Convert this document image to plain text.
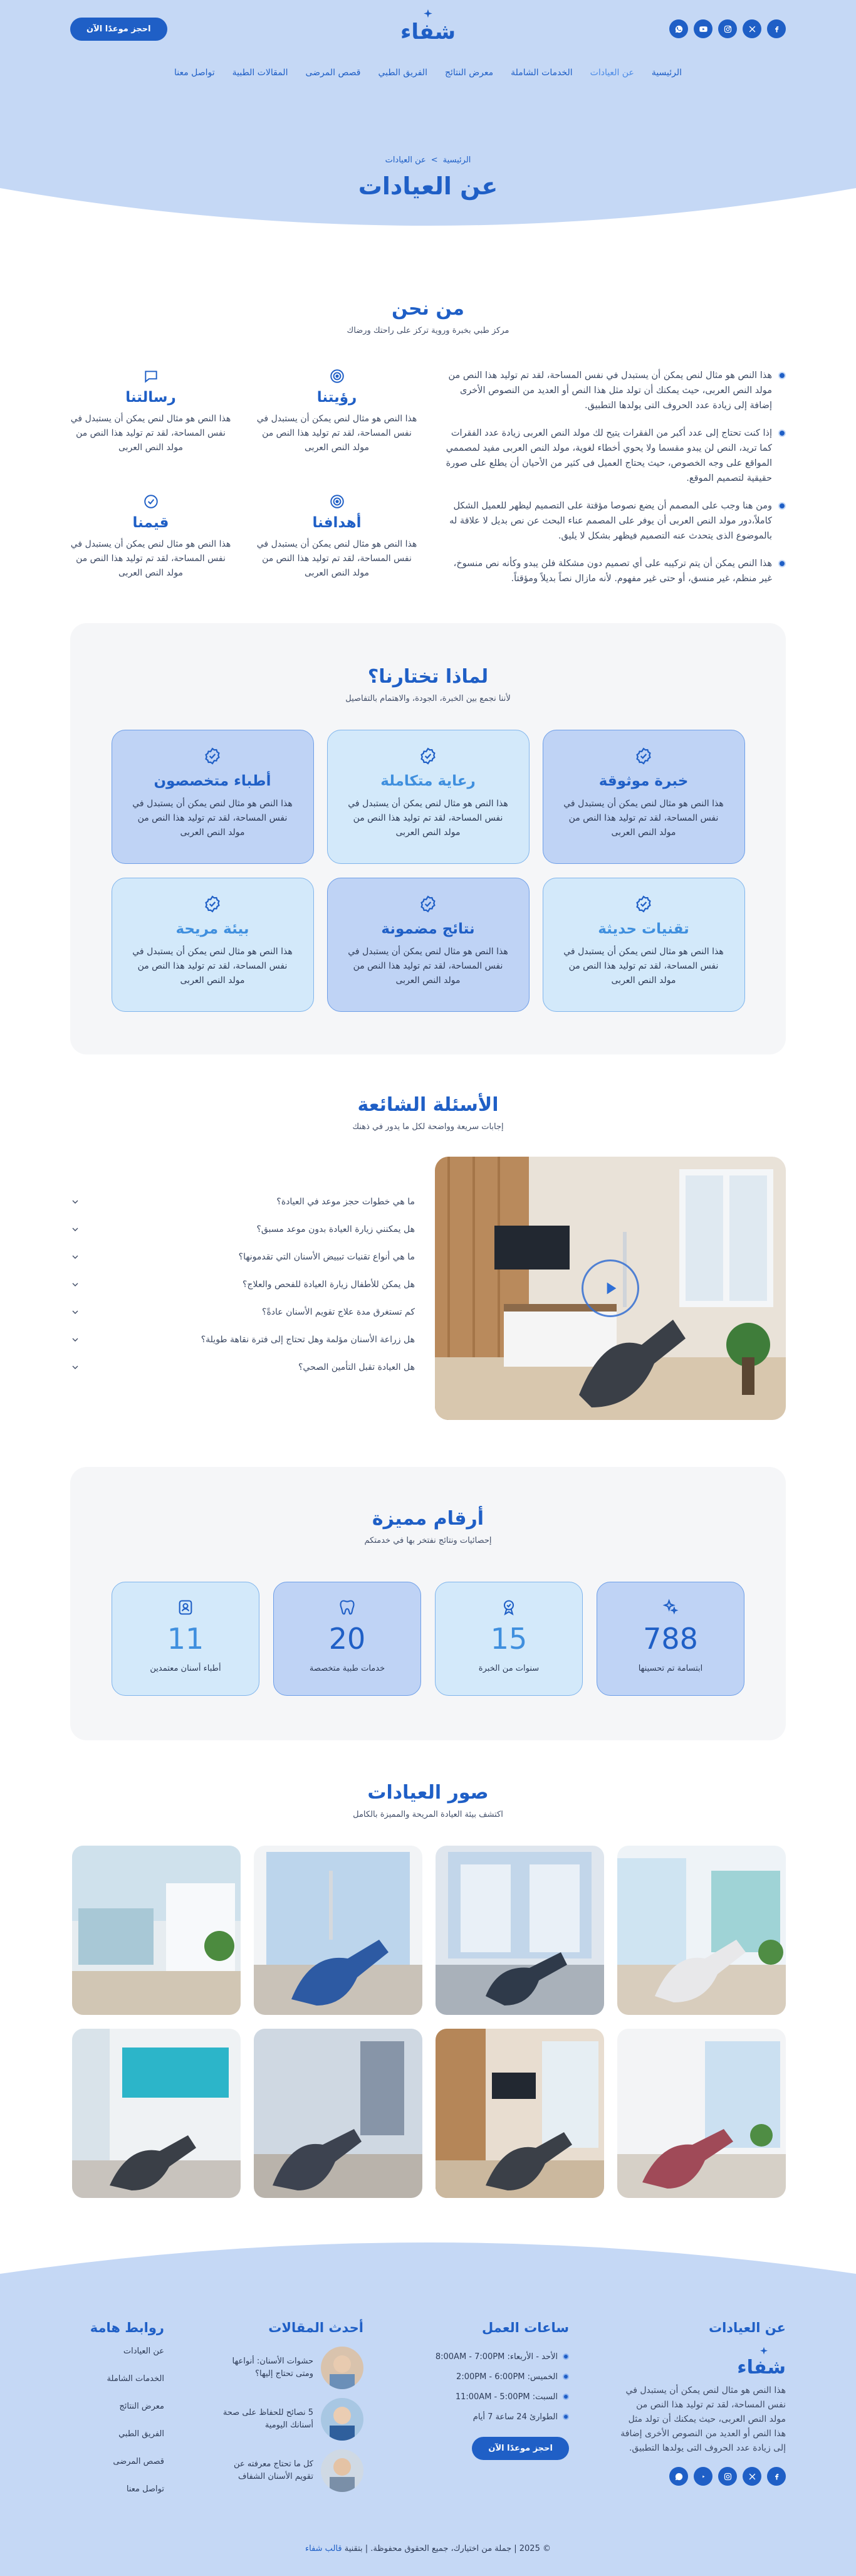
شفاء
احجز موعدًا الآن
الرئيسية
عن العيادات
الخدمات الشاملة
معرض النتائج
الفريق الطبي
قصص المرضى
المقالات الطبية
تواصل معنا
الرئيسية
>
عن العيادات
عن العيادات
من نحن

مركز طبي بخبرة وروية تركز على راحتك ورضاك

هذا النص هو مثال لنص يمكن أن يستبدل في نفس المساحة، لقد تم توليد هذا النص من مولد النص العربى، حيث يمكنك أن تولد مثل هذا النص أو العديد من النصوص الأخرى إضافة إلى زيادة عدد الحروف التى يولدها التطبيق.

إذا كنت تحتاج إلى عدد أكبر من الفقرات يتيح لك مولد النص العربى زيادة عدد الفقرات كما تريد، النص لن يبدو مقسما ولا يحوي أخطاء لغوية، مولد النص العربى مفيد لمصممي المواقع على وجه الخصوص، حيث يحتاج العميل فى كثير من الأحيان أن يطلع على صورة حقيقية لتصميم الموقع.

ومن هنا وجب على المصمم أن يضع نصوصا مؤقتة على التصميم ليظهر للعميل الشكل كاملاً،دور مولد النص العربى أن يوفر على المصمم عناء البحث عن نص بديل لا علاقة له بالموضوع الذى يتحدث عنه التصميم فيظهر بشكل لا يليق.

هذا النص يمكن أن يتم تركيبه على أي تصميم دون مشكلة فلن يبدو وكأنه نص منسوخ، غير منظم، غير منسق، أو حتى غير مفهوم. لأنه مازال نصاً بديلاً ومؤقتاً.

رؤيتنا

هذا النص هو مثال لنص يمكن أن يستبدل في نفس المساحة، لقد تم توليد هذا النص من مولد النص العربى

رسالتنا

هذا النص هو مثال لنص يمكن أن يستبدل في نفس المساحة، لقد تم توليد هذا النص من مولد النص العربى

أهدافنا

هذا النص هو مثال لنص يمكن أن يستبدل في نفس المساحة، لقد تم توليد هذا النص من مولد النص العربى

قيمنا

هذا النص هو مثال لنص يمكن أن يستبدل في نفس المساحة، لقد تم توليد هذا النص من مولد النص العربى

لماذا تختارنا؟

لأننا نجمع بين الخبرة، الجودة، والاهتمام بالتفاصيل

خبرة موثوقة

هذا النص هو مثال لنص يمكن أن يستبدل في نفس المساحة، لقد تم توليد هذا النص من مولد النص العربى

رعاية متكاملة

هذا النص هو مثال لنص يمكن أن يستبدل في نفس المساحة، لقد تم توليد هذا النص من مولد النص العربى

أطباء متخصصون

هذا النص هو مثال لنص يمكن أن يستبدل في نفس المساحة، لقد تم توليد هذا النص من مولد النص العربى

تقنيات حديثة

هذا النص هو مثال لنص يمكن أن يستبدل في نفس المساحة، لقد تم توليد هذا النص من مولد النص العربى

نتائج مضمونة

هذا النص هو مثال لنص يمكن أن يستبدل في نفس المساحة، لقد تم توليد هذا النص من مولد النص العربى

بيئة مريحة

هذا النص هو مثال لنص يمكن أن يستبدل في نفس المساحة، لقد تم توليد هذا النص من مولد النص العربى

الأسئلة الشائعة

إجابات سريعة وواضحة لكل ما يدور في ذهنك

ما هي خطوات حجز موعد في العيادة؟
هل يمكنني زيارة العيادة بدون موعد مسبق؟
ما هي أنواع تقنيات تبييض الأسنان التي تقدمونها؟
هل يمكن للأطفال زيارة العيادة للفحص والعلاج؟
كم تستغرق مدة علاج تقويم الأسنان عادةً؟
هل زراعة الأسنان مؤلمة وهل تحتاج إلى فترة نقاهة طويلة؟
هل العيادة تقبل التأمين الصحي؟
أرقام مميزة

إحصائيات ونتائج نفتخر بها في خدمتكم

788
ابتسامة تم تحسينها
15
سنوات من الخبرة
20
خدمات طبية متخصصة
11
أطباء أسنان معتمدين
صور العيادات

اكتشف بيئة العيادة المريحة والمميزة بالكامل

عن العيادات
شفاء

هذا النص هو مثال لنص يمكن أن يستبدل في نفس المساحة، لقد تم توليد هذا النص من مولد النص العربى، حيث يمكنك أن تولد مثل هذا النص أو العديد من النصوص الأخرى إضافة إلى زيادة عدد الحروف التى يولدها التطبيق.

ساعات العمل
الأحد - الأربعاء: 8:00AM - 7:00PM
الخميس: 2:00PM - 6:00PM
السبت: 11:00AM - 5:00PM
الطوارئ 24 ساعة 7 أيام
احجز موعدًا الآن
أحدث المقالات
حشوات الأسنان: أنواعها ومتى تحتاج إليها؟
5 نصائح للحفاظ على صحة أسنانك اليومية
كل ما تحتاج معرفته عن تقويم الأسنان الشفاف
روابط هامة
عن العيادات
الخدمات الشاملة
معرض النتائج
الفريق الطبي
قصص المرضى
تواصل معنا
© 2025 | جملة من اختيارك، جميع الحقوق محفوظة. | بتقنية قالب شفاء
